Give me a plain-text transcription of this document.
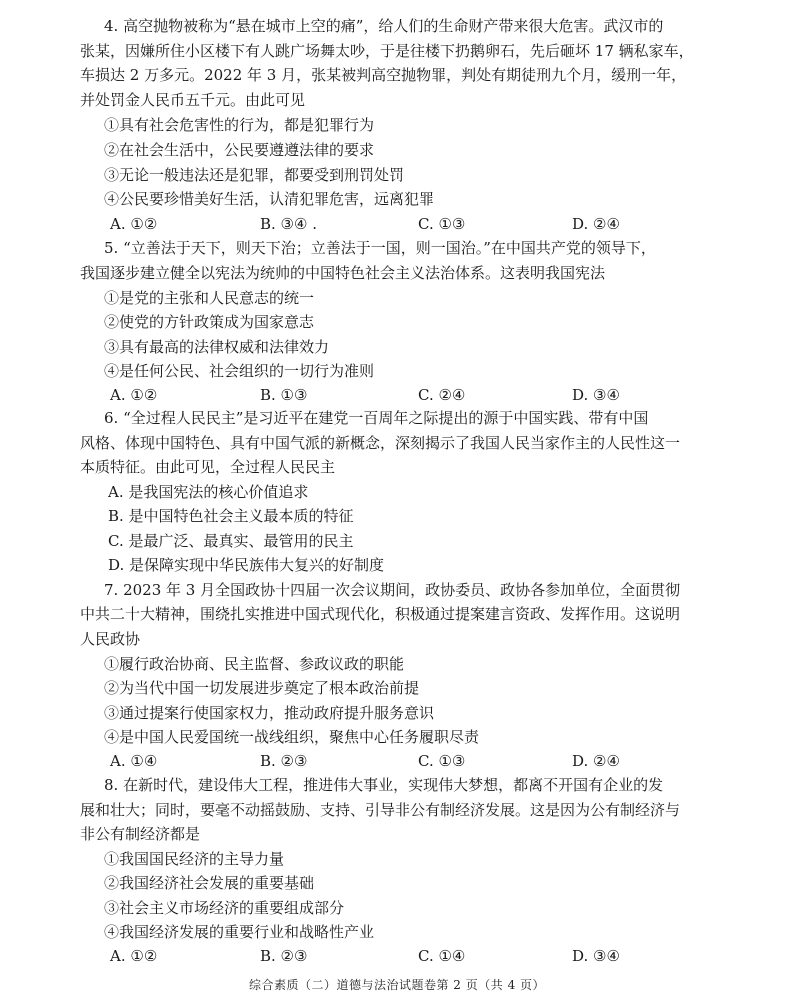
4. 高空抛物被称为“悬在城市上空的痛”，给人们的生命财产带来很大危害。武汉市的
张某，因嫌所住小区楼下有人跳广场舞太吵，于是往楼下扔鹅卵石，先后砸坏 17 辆私家车，
车损达 2 万多元。2022 年 3 月，张某被判高空抛物罪，判处有期徒刑九个月，缓刑一年，
并处罚金人民币五千元。由此可见
①具有社会危害性的行为，都是犯罪行为
②在社会生活中，公民要遵遵法律的要求
③无论一般违法还是犯罪，都要受到刑罚处罚
④公民要珍惜美好生活，认清犯罪危害，远离犯罪
A. ①②	B. ③④ .	C. ①③	D. ②④
5. “立善法于天下，则天下治；立善法于一国，则一国治。”在中国共产党的领导下，
我国逐步建立健全以宪法为统帅的中国特色社会主义法治体系。这表明我国宪法
①是党的主张和人民意志的统一
②使党的方针政策成为国家意志
③具有最高的法律权威和法律效力
④是任何公民、社会组织的一切行为准则
A. ①②	B. ①③	C. ②④	D. ③④
6. “全过程人民民主”是习近平在建党一百周年之际提出的源于中国实践、带有中国
风格、体现中国特色、具有中国气派的新概念，深刻揭示了我国人民当家作主的人民性这一
本质特征。由此可见，全过程人民民主
A. 是我国宪法的核心价值追求
B. 是中国特色社会主义最本质的特征
C. 是最广泛、最真实、最管用的民主
D. 是保障实现中华民族伟大复兴的好制度
7. 2023 年 3 月全国政协十四届一次会议期间，政协委员、政协各参加单位，全面贯彻
中共二十大精神，围绕扎实推进中国式现代化，积极通过提案建言资政、发挥作用。这说明
人民政协
①履行政治协商、民主监督、参政议政的职能
②为当代中国一切发展进步奠定了根本政治前提
③通过提案行使国家权力，推动政府提升服务意识
④是中国人民爱国统一战线组织，聚焦中心任务履职尽责
A. ①④	B. ②③	C. ①③	D. ②④
8. 在新时代，建设伟大工程，推进伟大事业，实现伟大梦想，都离不开国有企业的发
展和壮大；同时，要毫不动摇鼓励、支持、引导非公有制经济发展。这是因为公有制经济与
非公有制经济都是
①我国国民经济的主导力量
②我国经济社会发展的重要基础
③社会主义市场经济的重要组成部分
④我国经济发展的重要行业和战略性产业
A. ①②	B. ②③	C. ①④	D. ③④
综合素质（二）道德与法治试题卷第 2 页（共 4 页）
